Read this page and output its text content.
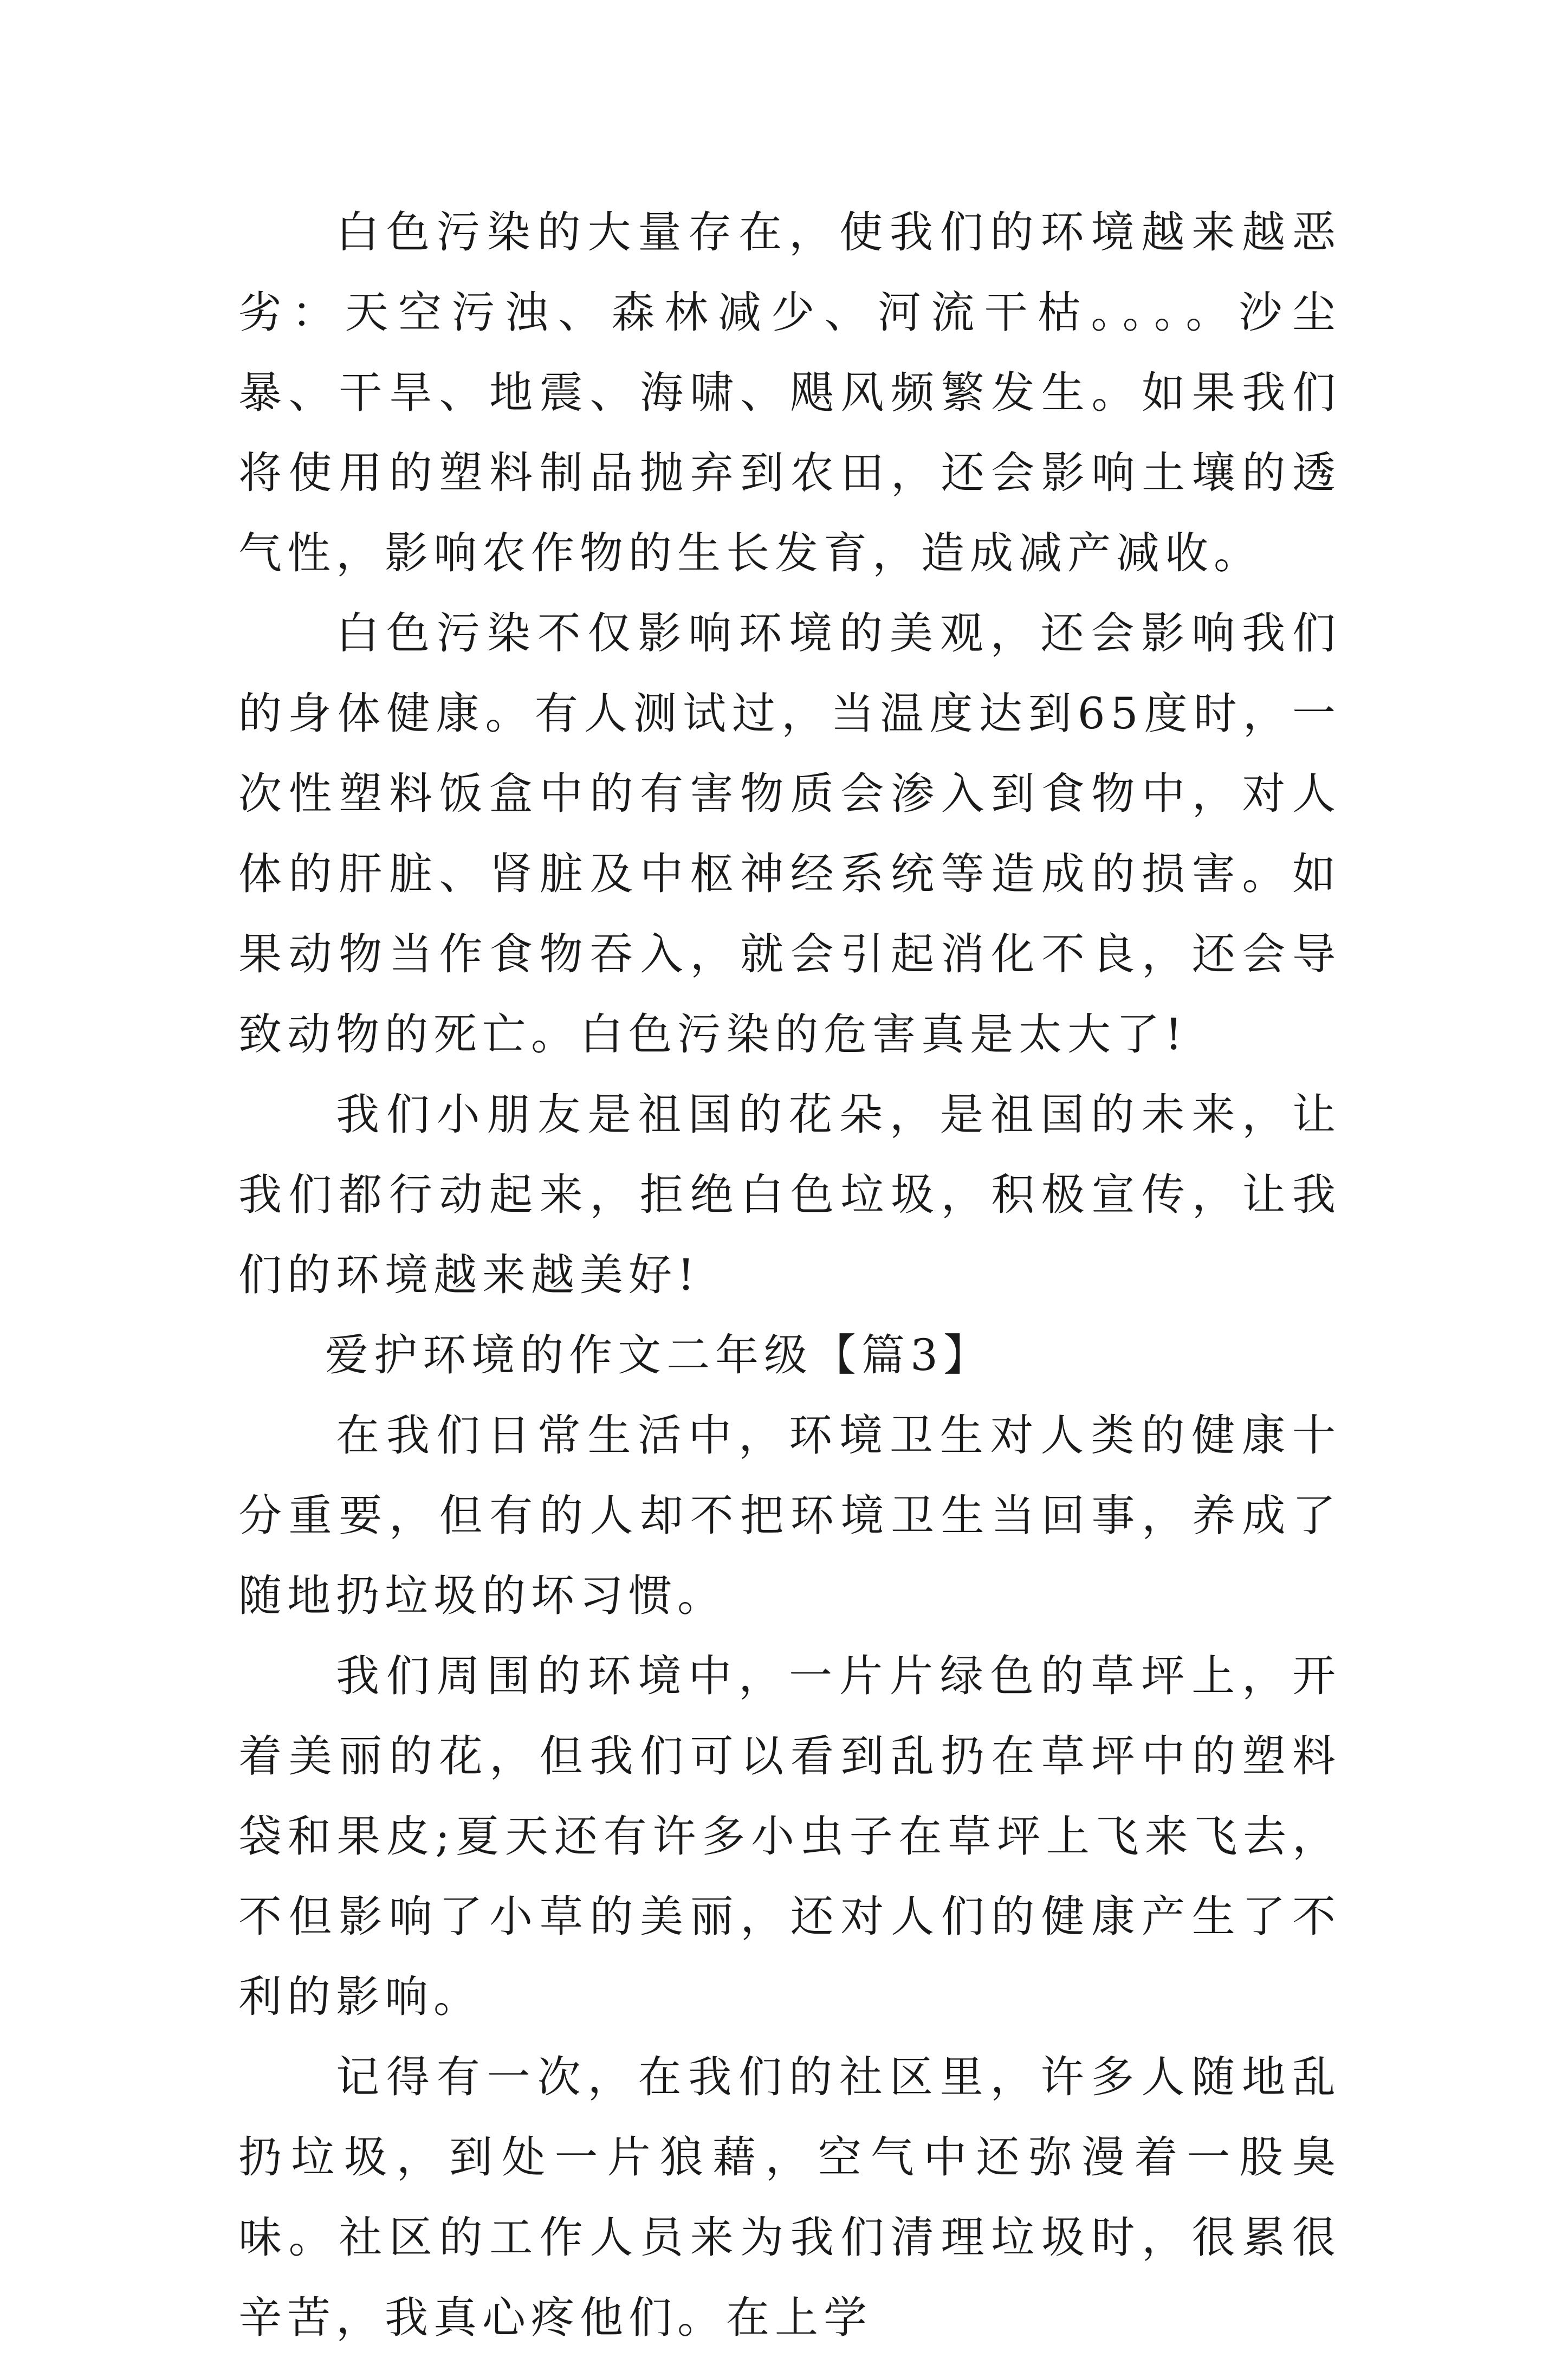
白色污染的大量存在，使我们的环境越来越恶劣：天空污浊、森林减少、河流干枯。。。。沙尘暴、干旱、地震、海啸、飓风频繁发生。如果我们将使用的塑料制品抛弃到农田，还会影响土壤的透气性，影响农作物的生长发育，造成减产减收。

白色污染不仅影响环境的美观，还会影响我们的身体健康。有人测试过，当温度达到65度时，一次性塑料饭盒中的有害物质会渗入到食物中，对人体的肝脏、肾脏及中枢神经系统等造成的损害。如果动物当作食物吞入，就会引起消化不良，还会导致动物的死亡。白色污染的危害真是太大了!

我们小朋友是祖国的花朵，是祖国的未来，让我们都行动起来，拒绝白色垃圾，积极宣传，让我们的环境越来越美好!

爱护环境的作文二年级【篇3】

在我们日常生活中，环境卫生对人类的健康十分重要，但有的人却不把环境卫生当回事，养成了随地扔垃圾的坏习惯。

我们周围的环境中，一片片绿色的草坪上，开着美丽的花，但我们可以看到乱扔在草坪中的塑料袋和果皮;夏天还有许多小虫子在草坪上飞来飞去，不但影响了小草的美丽，还对人们的健康产生了不利的影响。

记得有一次，在我们的社区里，许多人随地乱扔垃圾，到处一片狼藉，空气中还弥漫着一股臭味。社区的工作人员来为我们清理垃圾时，很累很辛苦，我真心疼他们。在上学
